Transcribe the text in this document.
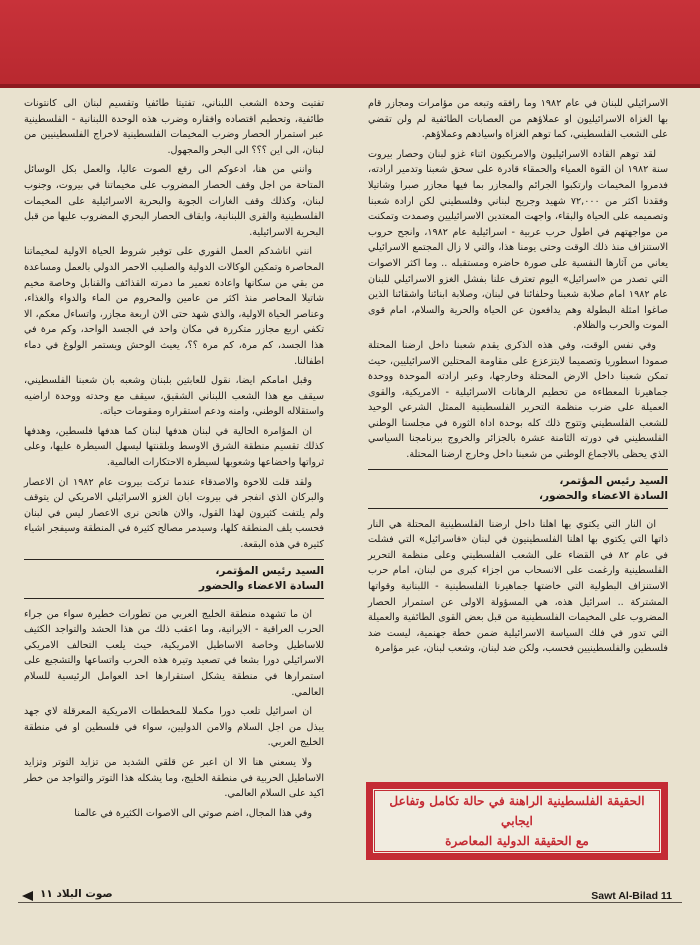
الاسرائيلي للبنان في عام ١٩٨٢ وما رافقه وتبعه من مؤامرات ومجازر قام بها الغزاة الاسرائيليون او عملاؤهم من العصابات الطائفية لم ولن تقضي على الشعب الفلسطيني، كما توهم الغزاة واسيادهم وعملاؤهم.

لقد توهم القادة الاسرائيليون والامريكيون اثناء غزو لبنان وحصار بيروت سنة ١٩٨٢ ان القوة العمياء والحمقاء قادرة على سحق شعبنا وتدمير ارادته، فدمروا المخيمات وارتكبوا الجرائم والمجازر بما فيها مجازر صبرا وشاتيلا وفقدنا اكثر من ٧٢,٠٠٠ شهيد وجريح لبناني وفلسطيني لكن ارادة شعبنا وتصميمه على الحياة والبقاء، واجهت المعتدين الاسرائيليين وصمدت وتمكنت من مواجهتهم في اطول حرب عربية - اسرائيلية عام ١٩٨٢، وانجح حروب الاستنزاف منذ ذلك الوقت وحتى يومنا هذا، والتي لا زال المجتمع الاسرائيلي يعاني من آثارها النفسية على صورة حاضره ومستقبله .. وما اكثر الاصوات التي تصدر من «اسرائيل» اليوم تعترف علنا بفشل الغزو الاسرائيلي للبنان عام ١٩٨٢ امام صلابة شعبنا وحلفائنا في لبنان، وصلابة ابنائنا واشقائنا الذين صاغوا امثلة البطولة وهم يدافعون عن الحياة والحرية والسلام، امام قوى الموت والحرب والظلام.

وفي نفس الوقت، وفي هذه الذكرى يقدم شعبنا داخل ارضنا المحتلة صمودا اسطوريا وتصميما لايتزعزع على مقاومة المحتلين الاسرائيليين، حيث تمكن شعبنا داخل الارض المحتلة وخارجها، وعبر ارادته الموحدة ووحدة جماهيرنا المعطاءة من تحطيم الرهانات الاسرائيلية - الامريكية، والقوى العميلة على ضرب منظمة التحرير الفلسطينية الممثل الشرعي الوحيد للشعب الفلسطيني وتتوج ذلك كله بوحدة اداة الثورة في مجلسنا الوطني الفلسطيني في دورته الثامنة عشرة بالجزائر والخروج ببرنامجنا السياسي الذي يحظى بالاجماع الوطني من شعبنا داخل وخارج ارضنا المحتلة.

السيد رئيس المؤتمر،
السادة الاعضاء والحضور،

ان النار التي يكتوي بها اهلنا داخل ارضنا الفلسطينية المحتلة هي النار ذاتها التي يكتوي بها اهلنا الفلسطينيون في لبنان «فاسرائيل» التي فشلت في عام ٨٢ في القضاء على الشعب الفلسطيني وعلى منظمة التحرير الفلسطينية وارغمت على الانسحاب من اجزاء كبرى من لبنان، امام حرب الاستنزاف البطولية التي خاضتها جماهيرنا الفلسطينية - اللبنانية وقواتها المشتركة .. اسرائيل هذه، هي المسؤولة الاولى عن استمرار الحصار المضروب على المخيمات الفلسطينية من قبل بعض القوى الطائفية والعميلة التي تدور في فلك السياسة الاسرائيلية ضمن خطة جهنمية، ليست ضد فلسطين والفلسطينيين فحسب، ولكن ضد لبنان، وشعب لبنان، عبر مؤامرة

تفتيت وحدة الشعب اللبناني، تفتيتا طائفيا وتقسيم لبنان الى كانتونات طائفية، وتحطيم اقتصاده وافقاره وضرب هذه الوحدة اللبنانية - الفلسطينية عبر استمرار الحصار وضرب المخيمات الفلسطينية لاخراج الفلسطينيين من لبنان، الى اين ؟؟؟ الى البحر والمجهول.

وانني من هنا، ادعوكم الى رفع الصوت عاليا، والعمل بكل الوسائل المتاحة من اجل وقف الحصار المضروب على مخيماتنا في بيروت، وجنوب لبنان، وكذلك وقف الغارات الجوية والبحرية الاسرائيلية على المخيمات الفلسطينية والقرى اللبنانية، وايقاف الحصار البحري المضروب عليها من قبل البحرية الاسرائيلية.

انني اناشدكم العمل الفوري على توفير شروط الحياة الاولية لمخيماتنا المحاصرة وتمكين الوكالات الدولية والصليب الاحمر الدولي بالعمل ومساعدة من بقي من سكانها واعادة تعمير ما دمرته القذائف والقنابل وخاصة مخيم شاتيلا المحاصر منذ اكثر من عامين والمحروم من الماء والدواء والغذاء، وعناصر الحياة الاولية، والذي شهد حتى الان اربعة مجازر، واتساءل معكم، الا تكفي اربع مجازر متكررة في مكان واحد في الجسد الواحد، وكم مرة في هذا الجسد، كم مرة، كم مرة ؟؟، يعيث الوحش ويستمر الولوغ في دماء اطفالنا.

وقبل امامكم ايضا، نقول للعابثين بلبنان وشعبه بان شعبنا الفلسطيني، سيقف مع هذا الشعب اللبناني الشقيق، سيقف مع وحدته ووحدة اراضيه واستقلاله الوطني، وامنه ودعم استقراره ومقومات حياته.

ان المؤامرة الحالية في لبنان هدفها لبنان كما هدفها فلسطين، وهدفها كذلك تقسيم منطقة الشرق الاوسط وبلقنتها ليسهل السيطرة عليها، وعلى ثرواتها واخضاعها وشعوبها لسيطرة الاحتكارات العالمية.

ولقد قلت للاخوة والاصدقاء عندما تركت بيروت عام ١٩٨٢ ان الاعصار والبركان الذي انفجر في بيروت ابان الغزو الاسرائيلي الامريكي لن يتوقف ولم يلتفت كثيرون لهذا القول، والان هاتحن نرى الاعصار ليس في لبنان فحسب يلف المنطقة كلها، وسيدمر مصالح كثيرة في المنطقة وسيفجر اشياء كثيرة في هذه البقعة.

السيد رئيس المؤتمر،
السادة الاعضاء والحضور

ان ما تشهده منطقة الخليج العربي من تطورات خطيرة سواء من جراء الحرب العراقية - الايرانية، وما اعقب ذلك من هذا الحشد والتواجد الكثيف للاساطيل وخاصة الاساطيل الامريكية، حيث يلعب التحالف الامريكي الاسرائيلي دورا بشعا في تصعيد وتيرة هذه الحرب واتساعها والتشجيع على استمرارها في منطقة يشكل استقرارها احد العوامل الرئيسية للسلام العالمي.

ان اسرائيل تلعب دورا مكملا للمخططات الامريكية المعرقلة لاي جهد يبذل من اجل السلام والامن الدوليين، سواء في فلسطين او في منطقة الخليج العربي.

ولا يسعني هنا الا ان اعبر عن قلقي الشديد من تزايد التوتر وتزايد الاساطيل الحربية في منطقة الخليج، وما يشكله هذا التوتر والتواجد من خطر اكيد على السلام العالمي.

وفي هذا المجال، اضم صوتي الى الاصوات الكثيرة في عالمنا

الحقيقة الفلسطينية الراهنة في حالة تكامل وتفاعل ايجابي
مع الحقيقة الدولية المعاصرة
Sawt Al-Bilad 11
صوت البلاد ١١
